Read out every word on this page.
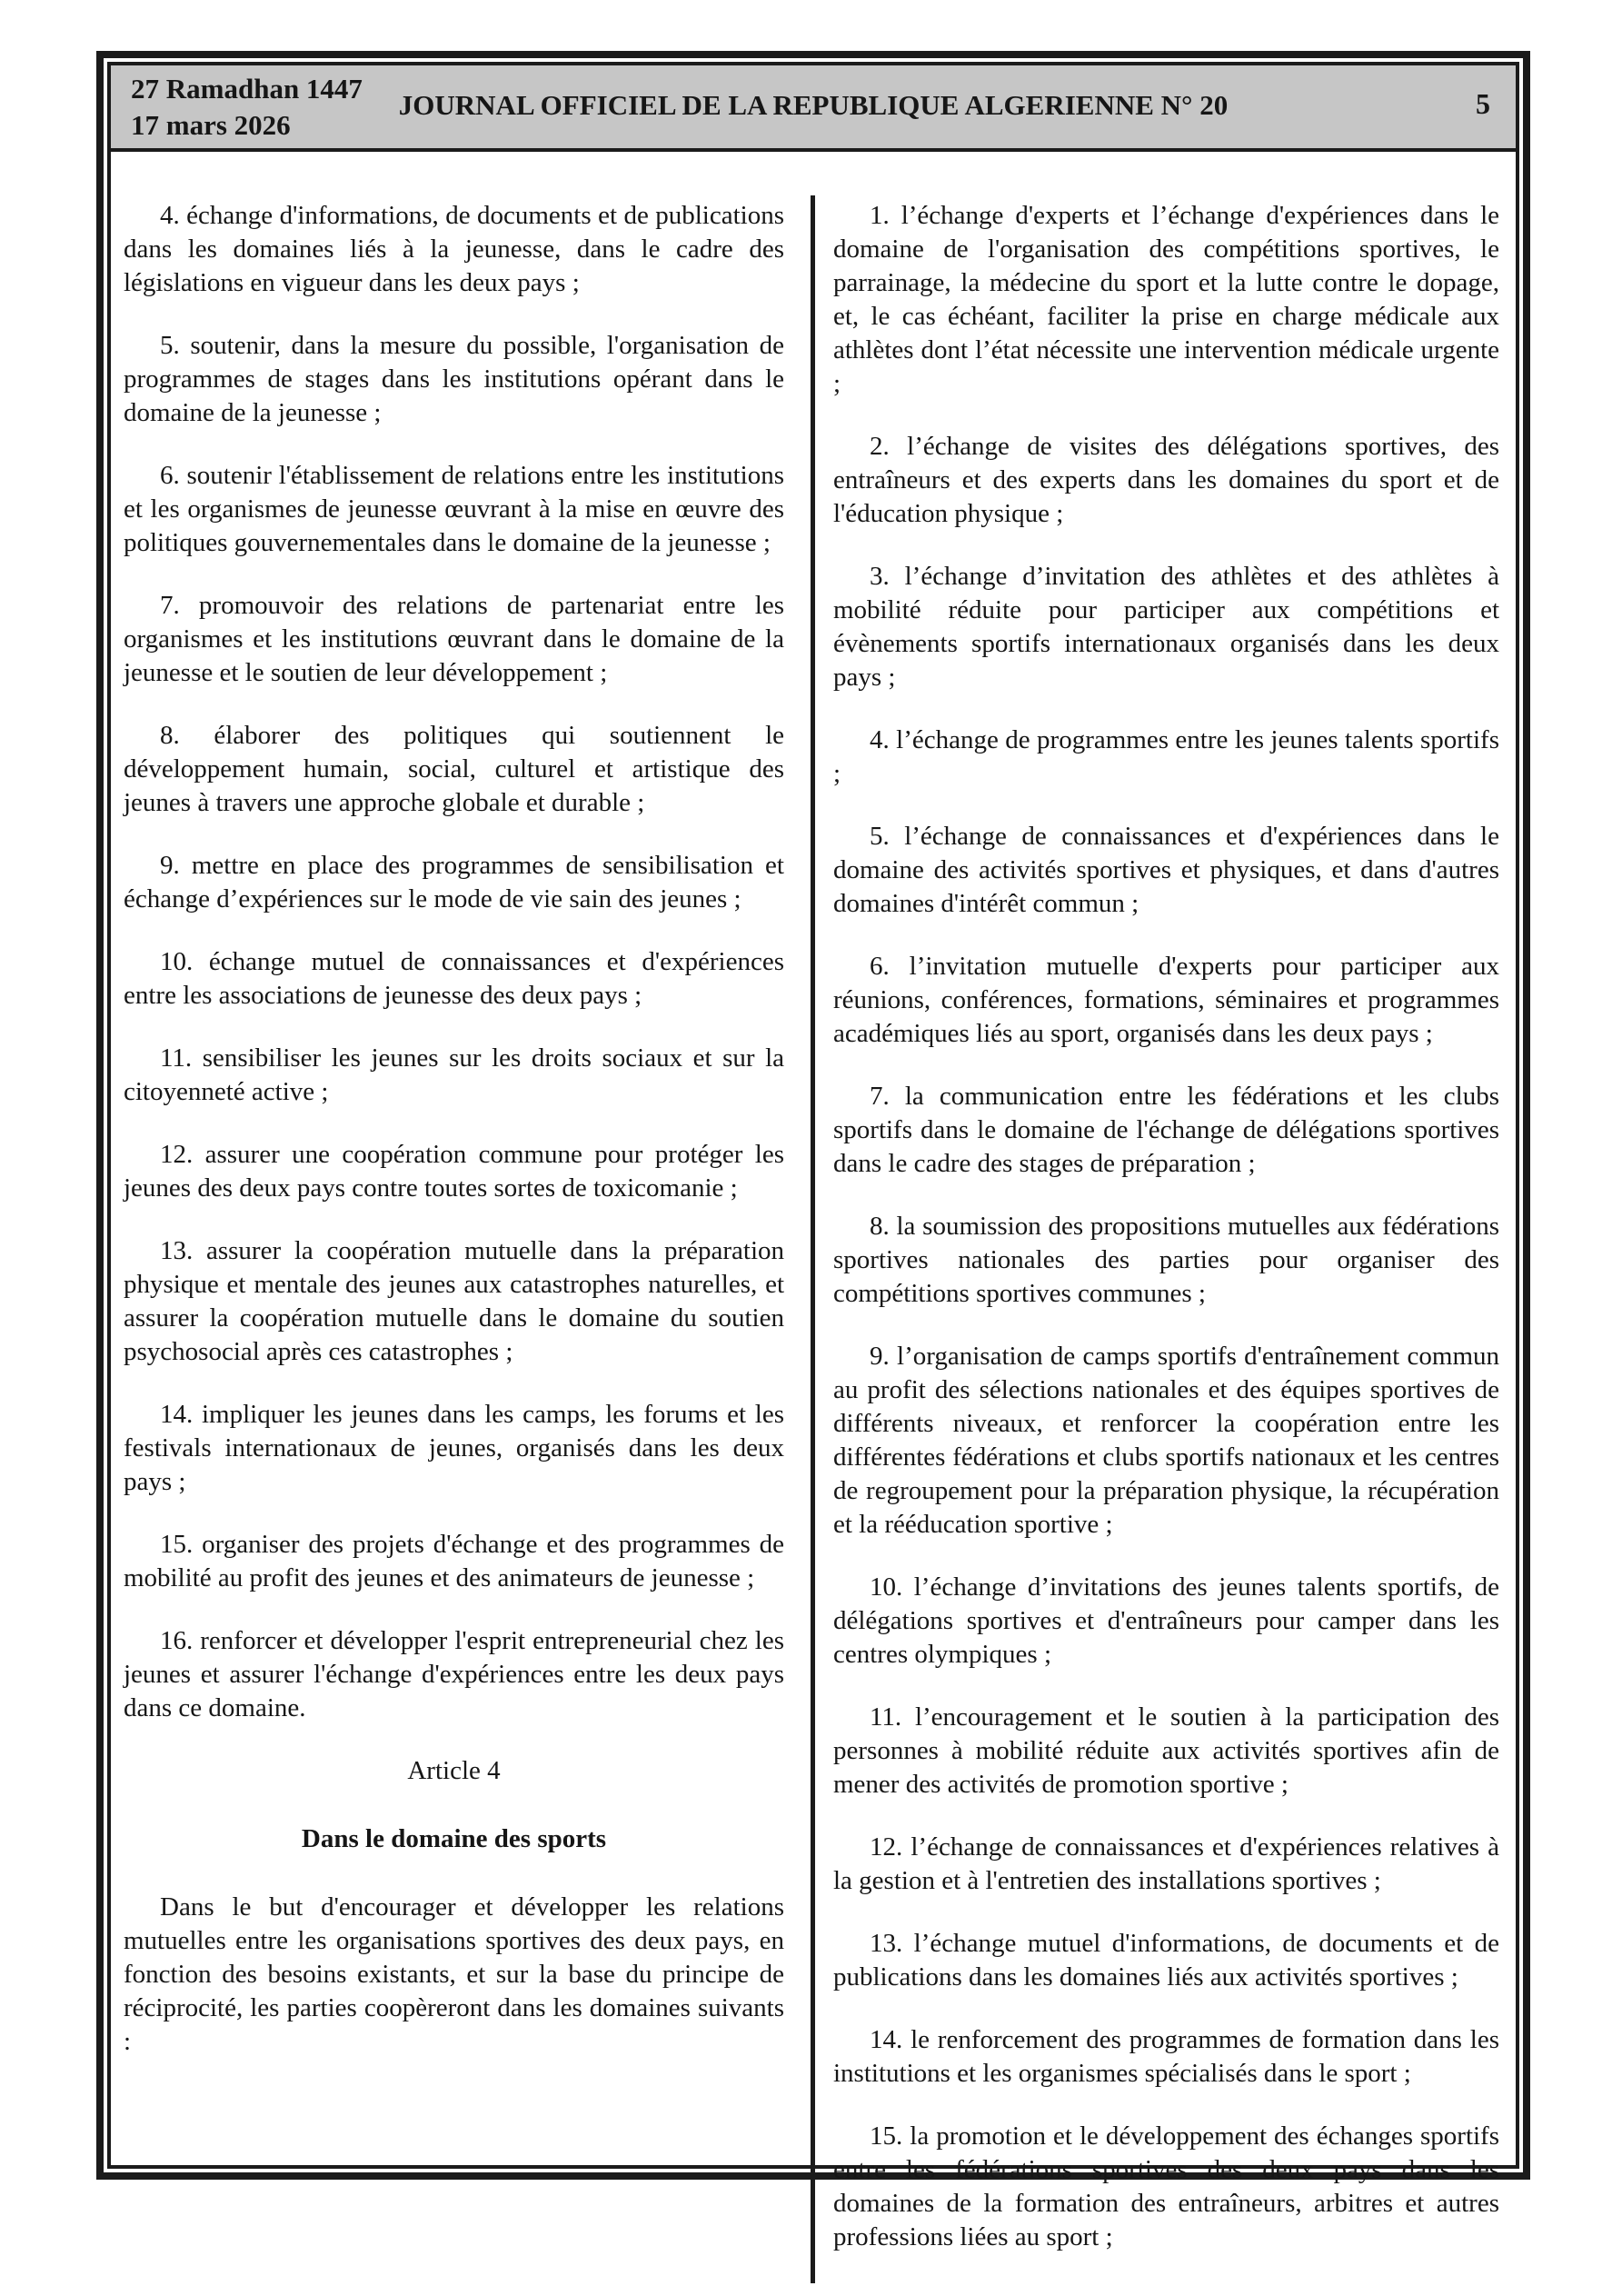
27 Ramadhan 1447
17 mars 2026
JOURNAL OFFICIEL DE LA REPUBLIQUE ALGERIENNE N° 20	5

4. échange d'informations, de documents et de publications dans les domaines liés à la jeunesse, dans le cadre des législations en vigueur dans les deux pays ;

5. soutenir, dans la mesure du possible, l'organisation de programmes de stages dans les institutions opérant dans le domaine de la jeunesse ;

6. soutenir l'établissement de relations entre les institutions et les organismes de jeunesse œuvrant à la mise en œuvre des politiques gouvernementales dans le domaine de la jeunesse ;

7. promouvoir des relations de partenariat entre les organismes et les institutions œuvrant dans le domaine de la jeunesse et le soutien de leur développement ;

8. élaborer des politiques qui soutiennent le développement humain, social, culturel et artistique des jeunes à travers une approche globale et durable ;

9. mettre en place des programmes de sensibilisation et échange d’expériences sur le mode de vie sain des jeunes ;

10. échange mutuel de connaissances et d'expériences entre les associations de jeunesse des deux pays ;

11. sensibiliser les jeunes sur les droits sociaux et sur la citoyenneté active ;

12. assurer une coopération commune pour protéger les jeunes des deux pays contre toutes sortes de toxicomanie ;

13. assurer la coopération mutuelle dans la préparation physique et mentale des jeunes aux catastrophes naturelles, et assurer la coopération mutuelle dans le domaine du soutien psychosocial après ces catastrophes ;

14. impliquer les jeunes dans les camps, les forums et les festivals internationaux de jeunes, organisés dans les deux pays ;

15. organiser des projets d'échange et des programmes de mobilité au profit des jeunes et des animateurs de jeunesse ;

16. renforcer et développer l'esprit entrepreneurial chez les jeunes et assurer l'échange d'expériences entre les deux pays dans ce domaine.

Article 4

Dans le domaine des sports

Dans le but d'encourager et développer les relations mutuelles entre les organisations sportives des deux pays, en fonction des besoins existants, et sur la base du principe de réciprocité, les parties coopèreront dans les domaines suivants :

1. l’échange d'experts et l’échange d'expériences dans le domaine de l'organisation des compétitions sportives, le parrainage, la médecine du sport et la lutte contre le dopage, et, le cas échéant, faciliter la prise en charge médicale aux athlètes dont l’état nécessite une intervention médicale urgente ;

2. l’échange de visites des délégations sportives, des entraîneurs et des experts dans les domaines du sport et de l'éducation physique ;

3. l’échange d’invitation des athlètes et des athlètes à mobilité réduite pour participer aux compétitions et évènements sportifs internationaux organisés dans les deux pays ;

4. l’échange de programmes entre les jeunes talents sportifs ;

5. l’échange de connaissances et d'expériences dans le domaine des activités sportives et physiques, et dans d'autres domaines d'intérêt commun ;

6. l’invitation mutuelle d'experts pour participer aux réunions, conférences, formations, séminaires et programmes académiques liés au sport, organisés dans les deux pays ;

7. la communication entre les fédérations et les clubs sportifs dans le domaine de l'échange de délégations sportives dans le cadre des stages de préparation ;

8. la soumission des propositions mutuelles aux fédérations sportives nationales des parties pour organiser des compétitions sportives communes ;

9. l’organisation de camps sportifs d'entraînement commun au profit des sélections nationales et des équipes sportives de différents niveaux, et renforcer la coopération entre les différentes fédérations et clubs sportifs nationaux et les centres de regroupement pour la préparation physique, la récupération et la rééducation sportive ;

10. l’échange d’invitations des jeunes talents sportifs, de délégations sportives et d'entraîneurs pour camper dans les centres olympiques ;

11. l’encouragement et le soutien à la participation des personnes à mobilité réduite aux activités sportives afin de mener des activités de promotion sportive ;

12. l’échange de connaissances et d'expériences relatives à la gestion et à l'entretien des installations sportives ;

13. l’échange mutuel d'informations, de documents et de publications dans les domaines liés aux activités sportives ;

14. le renforcement des programmes de formation dans les institutions et les organismes spécialisés dans le sport ;

15. la promotion et le développement des échanges sportifs entre les fédérations sportives des deux pays dans les domaines de la formation des entraîneurs, arbitres et autres professions liées au sport ;
